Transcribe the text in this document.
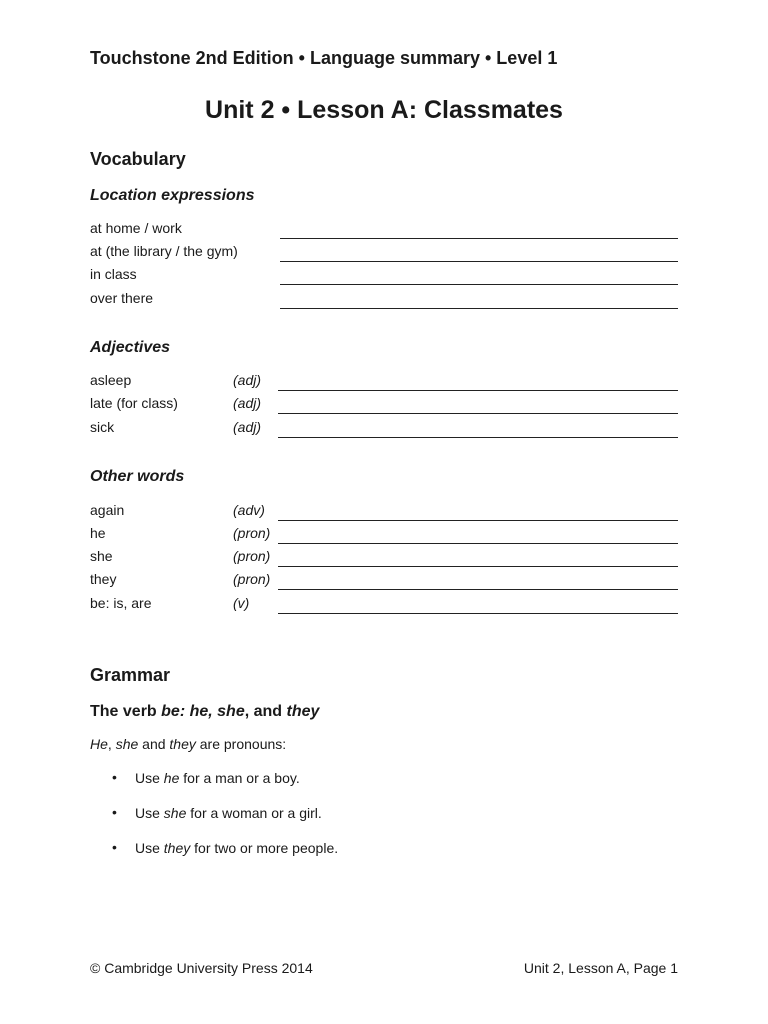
Touchstone 2nd Edition • Language summary • Level 1
Unit 2 • Lesson A: Classmates
Vocabulary
Location expressions
at home / work
at (the library / the gym)
in class
over there
Adjectives
asleep	(adj)
late (for class)	(adj)
sick	(adj)
Other words
again	(adv)
he	(pron)
she	(pron)
they	(pron)
be: is, are	(v)
Grammar
The verb be: he, she, and they
He, she and they are pronouns:
• Use he for a man or a boy.
• Use she for a woman or a girl.
• Use they for two or more people.
© Cambridge University Press 2014	Unit 2, Lesson A, Page 1
